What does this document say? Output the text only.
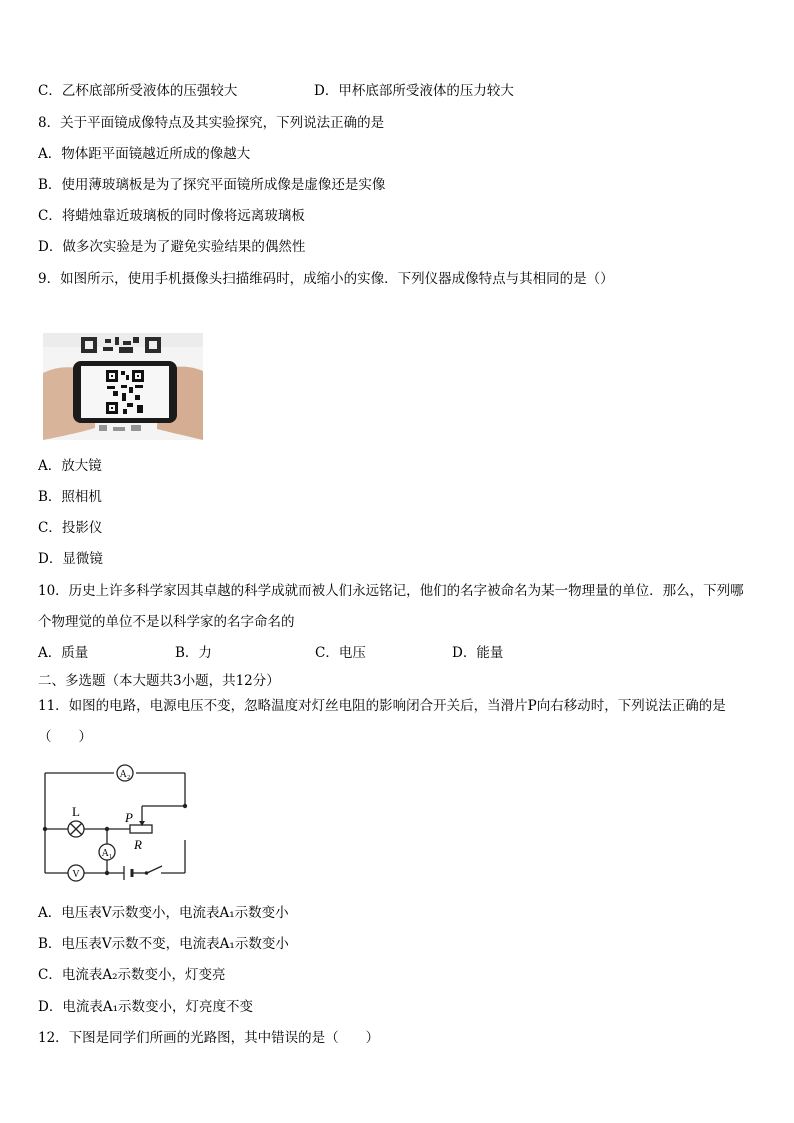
C．乙杯底部所受液体的压强较大	D．甲杯底部所受液体的压力较大
8．关于平面镜成像特点及其实验探究，下列说法正确的是
A．物体距平面镜越近所成的像越大
B．使用薄玻璃板是为了探究平面镜所成像是虚像还是实像
C．将蜡烛靠近玻璃板的同时像将远离玻璃板
D．做多次实验是为了避免实验结果的偶然性
9．如图所示，使用手机摄像头扫描维码时，成缩小的实像．下列仪器成像特点与其相同的是（）
A．放大镜
B．照相机
C．投影仪
D．显微镜
10．历史上许多科学家因其卓越的科学成就而被人们永远铭记，他们的名字被命名为某一物理量的单位．那么，下列哪
个物理觉的单位不是以科学家的名字命名的
A．质量	B．力	C．电压	D．能量
二、多选题（本大题共3小题，共12分）
11．如图的电路，电源电压不变，忽略温度对灯丝电阻的影响闭合开关后，当滑片P向右移动时，下列说法正确的是
（　　）
A₂
A₁
V
L	P
R
A．电压表V示数变小，电流表A₁示数变小
B．电压表V示数不变，电流表A₁示数变小
C．电流表A₂示数变小，灯变亮
D．电流表A₁示数变小，灯亮度不变
12．下图是同学们所画的光路图，其中错误的是（　　）
